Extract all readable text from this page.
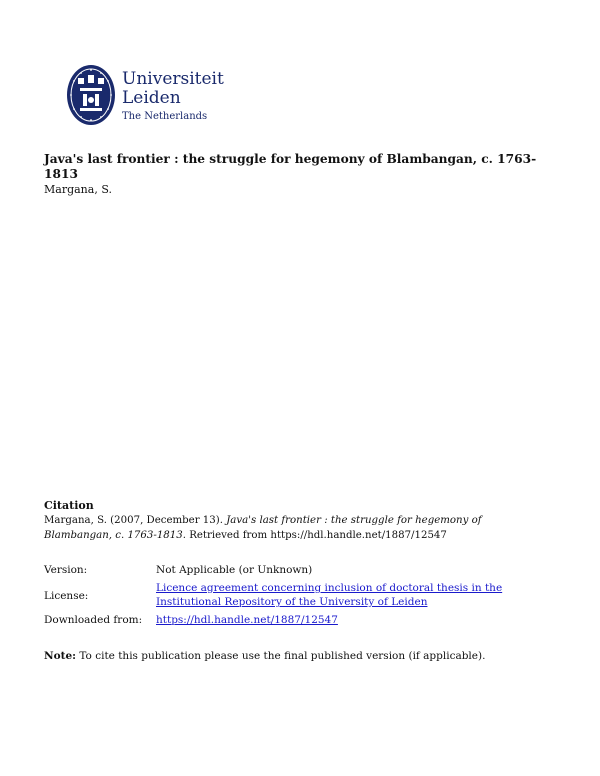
Universiteit
Leiden
The Netherlands

Java's last frontier : the struggle for hegemony of Blambangan, c. 1763-1813

Margana, S.

Citation

Margana, S. (2007, December 13). Java's last frontier : the struggle for hegemony of Blambangan, c. 1763-1813. Retrieved from https://hdl.handle.net/1887/12547

Version:	Not Applicable (or Unknown)
License:
Licence agreement concerning inclusion of doctoral thesis in the Institutional Repository of the University of Leiden
Downloaded from: https://hdl.handle.net/1887/12547

Note: To cite this publication please use the final published version (if applicable).
